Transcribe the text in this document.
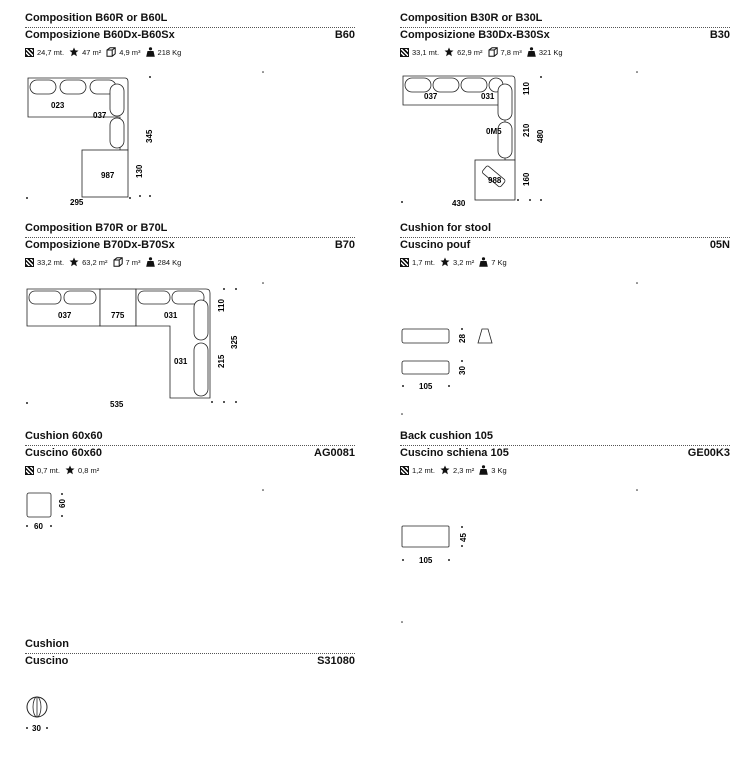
Composition B60R or B60L
Composizione B60Dx-B60Sx	B60
24,7 mt. 47 m² 4,9 m³ 218 Kg
023
037
987
295
345
130
Composition B30R or B30L
Composizione B30Dx-B30Sx	B30
33,1 mt. 62,9 m² 7,8 m³ 321 Kg
037	031
0M5
988
430
110
210
160
480
Composition B70R or B70L
Composizione B70Dx-B70Sx	B70
33,2 mt. 63,2 m² 7 m³ 284 Kg
037	775	031
031
535
110
215
325
Cushion for stool
Cuscino pouf	05N
1,7 mt. 3,2 m² 7 Kg
28
30
105
Cushion 60x60
Cuscino 60x60	AG0081
0,7 mt. 0,8 m²
60
60
Back cushion 105
Cuscino schiena 105	GE00K3
1,2 mt. 2,3 m² 3 Kg
45
105
Cushion
Cuscino	S31080
30
